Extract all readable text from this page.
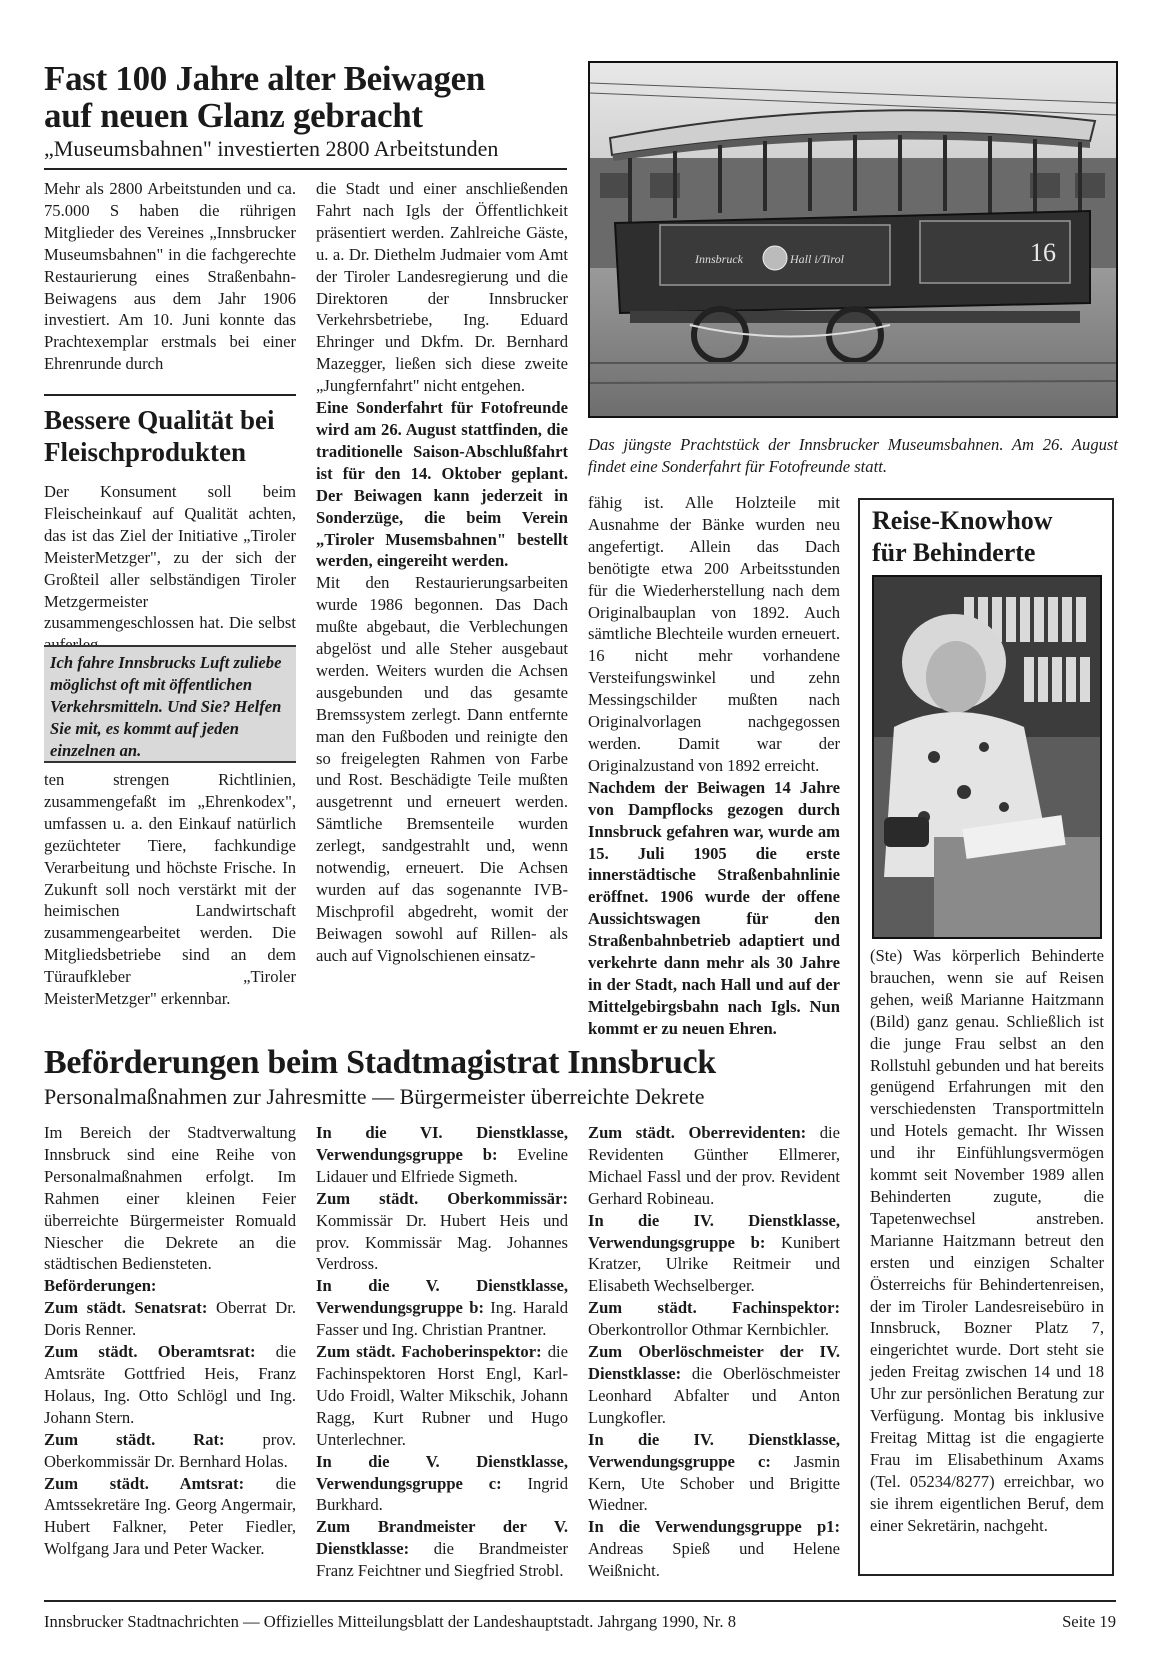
Fast 100 Jahre alter Beiwagen
auf neuen Glanz gebracht
„Museumsbahnen" investierten 2800 Arbeitstunden

Mehr als 2800 Arbeitstunden und ca. 75.000 S haben die rührigen Mitglieder des Vereines „Innsbrucker Museumsbahnen" in die fachgerechte Restaurierung eines Straßenbahn-Beiwagens aus dem Jahr 1906 investiert. Am 10. Juni konnte das Prachtexemplar erstmals bei einer Ehrenrunde durch

Bessere Qualität bei
Fleischprodukten

Der Konsument soll beim Fleischeinkauf auf Qualität achten, das ist das Ziel der Initiative „Tiroler MeisterMetzger", zu der sich der Großteil aller selbständigen Tiroler Metzgermeister zusammengeschlossen hat. Die selbst

Ich fahre Innsbrucks Luft zuliebe möglichst oft mit öffentlichen Verkehrsmitteln. Und Sie? Helfen Sie mit, es kommt auf jeden einzelnen an.

ten strengen Richtlinien, zusammengefaßt im „Ehrenkodex", umfassen u. a. den Einkauf natürlich gezüchteter Tiere, fachkundige Verarbeitung und höchste Frische. In Zukunft soll noch verstärkt mit der heimischen Landwirtschaft zusammengearbeitet werden. Die Mitgliedsbetriebe sind an dem Türaufkleber „Tiroler MeisterMetzger" erkennbar.

die Stadt und einer anschließenden Fahrt nach Igls der Öffentlichkeit präsentiert werden. Zahlreiche Gäste, u. a. Dr. Diethelm Judmaier vom Amt der Tiroler Landesregierung und die Direktoren der Innsbrucker Verkehrsbetriebe, Ing. Eduard Ehringer und Dkfm. Dr. Bernhard Mazegger, ließen sich diese zweite „Jungfernfahrt" nicht entgehen.

Eine Sonderfahrt für Fotofreunde wird am 26. August stattfinden, die traditionelle Saison-Abschlußfahrt ist für den 14. Oktober geplant. Der Beiwagen kann jederzeit in Sonderzüge, die beim Verein „Tiroler Musemsbahnen" bestellt werden, eingereiht werden.

Mit den Restaurierungsarbeiten wurde 1986 begonnen. Das Dach mußte abgebaut, die Verblechungen abgelöst und alle Steher ausgebaut werden. Weiters wurden die Achsen ausgebunden und das gesamte Bremssystem zerlegt. Dann entfernte man den Fußboden und reinigte den so freigelegten Rahmen von Farbe und Rost. Beschädigte Teile mußten ausgetrennt und erneuert werden. Sämtliche Bremsenteile wurden zerlegt, sandgestrahlt und, wenn notwendig, erneuert. Die Achsen wurden auf das sogenannte IVB-Mischprofil abgedreht, womit der Beiwagen sowohl auf Rillen- als auch auf Vignolschienen einsatz-

Innsbruck	Hall i/Tirol	16
Das jüngste Prachtstück der Innsbrucker Museumsbahnen. Am 26. August findet eine Sonderfahrt für Fotofreunde statt.

fähig ist. Alle Holzteile mit Ausnahme der Bänke wurden neu angefertigt. Allein das Dach benötigte etwa 200 Arbeitsstunden für die Wiederherstellung nach dem Originalbauplan von 1892. Auch sämtliche Blechteile wurden erneuert. 16 nicht mehr vorhandene Versteifungswinkel und zehn Messingschilder mußten nach Originalvorlagen nachgegossen werden. Damit war der Originalzustand von 1892 erreicht.

Nachdem der Beiwagen 14 Jahre von Dampflocks gezogen durch Innsbruck gefahren war, wurde am 15. Juli 1905 die erste innerstädtische Straßenbahnlinie eröffnet. 1906 wurde der offene Aussichtswagen für den Straßenbahnbetrieb adaptiert und verkehrte dann mehr als 30 Jahre in der Stadt, nach Hall und auf der Mittelgebirgsbahn nach Igls. Nun kommt er zu neuen Ehren.

Reise-Knowhow
für Behinderte

(Ste) Was körperlich Behinderte brauchen, wenn sie auf Reisen gehen, weiß Marianne Haitzmann (Bild) ganz genau. Schließlich ist die junge Frau selbst an den Rollstuhl gebunden und hat bereits genügend Erfahrungen mit den verschiedensten Transportmitteln und Hotels gemacht. Ihr Wissen und ihr Einfühlungsvermögen kommt seit November 1989 allen Behinderten zugute, die Tapetenwechsel anstreben. Marianne Haitzmann betreut den ersten und einzigen Schalter Österreichs für Behindertenreisen, der im Tiroler Landesreisebüro in Innsbruck, Bozner Platz 7, eingerichtet wurde. Dort steht sie jeden Freitag zwischen 14 und 18 Uhr zur persönlichen Beratung zur Verfügung. Montag bis inklusive Freitag Mittag ist die engagierte Frau im Elisabethinum Axams (Tel. 05234/8277) erreichbar, wo sie ihrem eigentlichen Beruf, dem einer Sekretärin, nachgeht.

Beförderungen beim Stadtmagistrat Innsbruck
Personalmaßnahmen zur Jahresmitte — Bürgermeister überreichte Dekrete

Im Bereich der Stadtverwaltung Innsbruck sind eine Reihe von Personalmaßnahmen erfolgt. Im Rahmen einer kleinen Feier überreichte Bürgermeister Romuald Niescher die Dekrete an die städtischen Bediensteten.

Beförderungen:

Zum städt. Senatsrat: Oberrat Dr. Doris Renner.

Zum städt. Oberamtsrat: die Amtsräte Gottfried Heis, Franz Holaus, Ing. Otto Schlögl und Ing. Johann Stern.

Zum städt. Rat: prov. Oberkommissär Dr. Bernhard Holas.

Zum städt. Amtsrat: die Amtssekretäre Ing. Georg Angermair, Hubert Falkner, Peter Fiedler, Wolfgang Jara und Peter Wacker.

In die VI. Dienstklasse, Verwendungsgruppe b: Eveline Lidauer und Elfriede Sigmeth.

Zum städt. Oberkommissär: Kommissär Dr. Hubert Heis und prov. Kommissär Mag. Johannes Verdross.

In die V. Dienstklasse, Verwendungsgruppe b: Ing. Harald Fasser und Ing. Christian Prantner.

Zum städt. Fachoberinspektor: die Fachinspektoren Horst Engl, Karl-Udo Froidl, Walter Mikschik, Johann Ragg, Kurt Rubner und Hugo Unterlechner.

In die V. Dienstklasse, Verwendungsgruppe c: Ingrid Burkhard.

Zum Brandmeister der V. Dienstklasse: die Brandmeister Franz Feichtner und Siegfried Strobl.

Zum städt. Oberrevidenten: die Revidenten Günther Ellmerer, Michael Fassl und der prov. Revident Gerhard Robineau.

In die IV. Dienstklasse, Verwendungsgruppe b: Kunibert Kratzer, Ulrike Reitmeir und Elisabeth Wechselberger.

Zum städt. Fachinspektor: Oberkontrollor Othmar Kernbichler.

Zum Oberlöschmeister der IV. Dienstklasse: die Oberlöschmeister Leonhard Abfalter und Anton Lungkofler.

In die IV. Dienstklasse, Verwendungsgruppe c: Jasmin Kern, Ute Schober und Brigitte Wiedner.

In die Verwendungsgruppe p1: Andreas Spieß und Helene Weißnicht.

Innsbrucker Stadtnachrichten — Offizielles Mitteilungsblatt der Landeshauptstadt. Jahrgang 1990, Nr. 8	Seite 19
